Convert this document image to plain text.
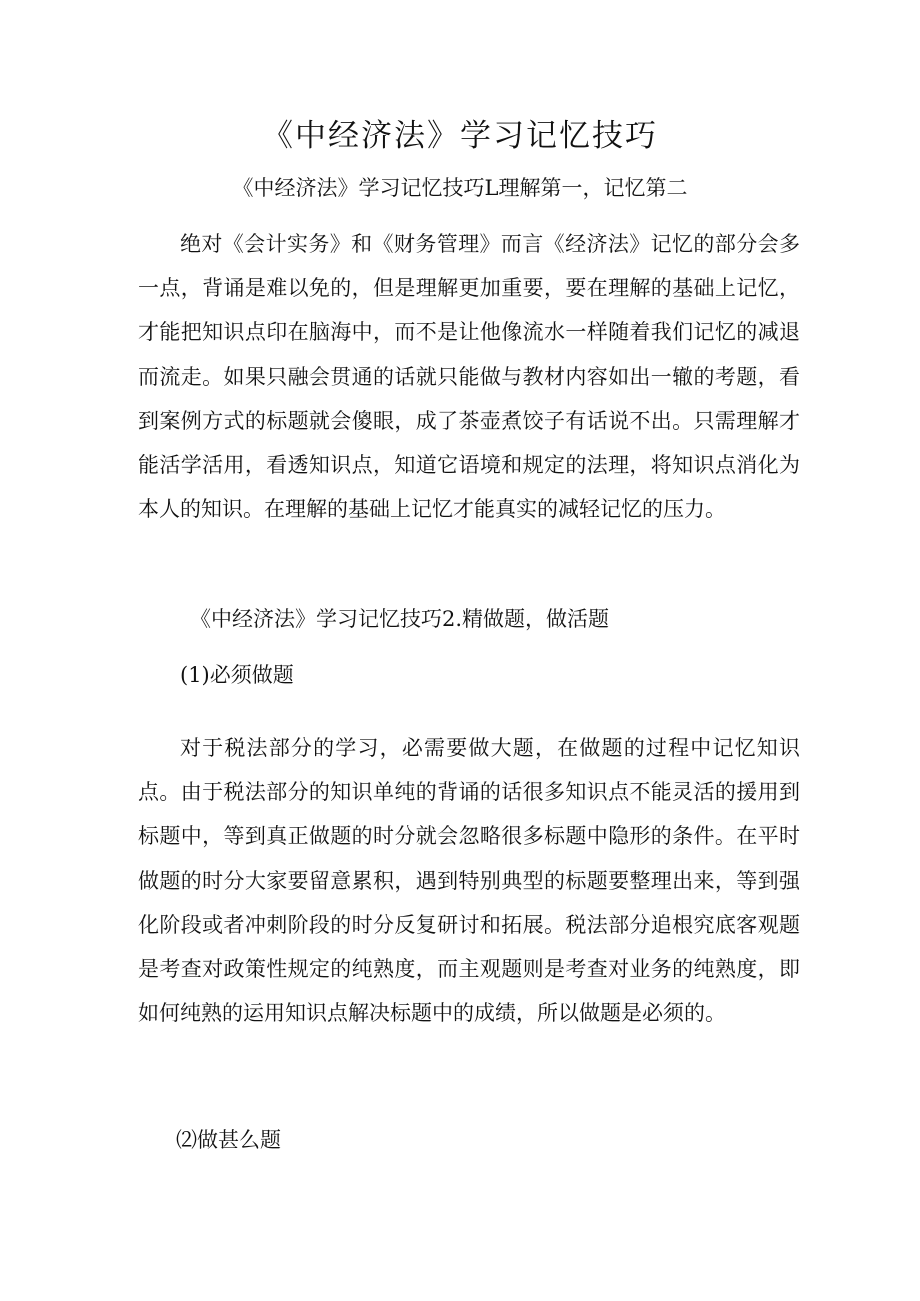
《中经济法》学习记忆技巧
《中经济法》学习记忆技巧L理解第一，记忆第二

绝对《会计实务》和《财务管理》而言《经济法》记忆的部分会多一点，背诵是难以免的，但是理解更加重要，要在理解的基础上记忆，才能把知识点印在脑海中，而不是让他像流水一样随着我们记忆的减退而流走。如果只融会贯通的话就只能做与教材内容如出一辙的考题，看到案例方式的标题就会傻眼，成了茶壶煮饺子有话说不出。只需理解才能活学活用，看透知识点，知道它语境和规定的法理，将知识点消化为本人的知识。在理解的基础上记忆才能真实的减轻记忆的压力。

《中经济法》学习记忆技巧2.精做题，做活题
(1)必须做题

对于税法部分的学习，必需要做大题，在做题的过程中记忆知识点。由于税法部分的知识单纯的背诵的话很多知识点不能灵活的援用到标题中，等到真正做题的时分就会忽略很多标题中隐形的条件。在平时做题的时分大家要留意累积，遇到特别典型的标题要整理出来，等到强化阶段或者冲刺阶段的时分反复研讨和拓展。税法部分追根究底客观题是考查对政策性规定的纯熟度，而主观题则是考查对业务的纯熟度，即如何纯熟的运用知识点解决标题中的成绩，所以做题是必须的。

⑵做甚么题
